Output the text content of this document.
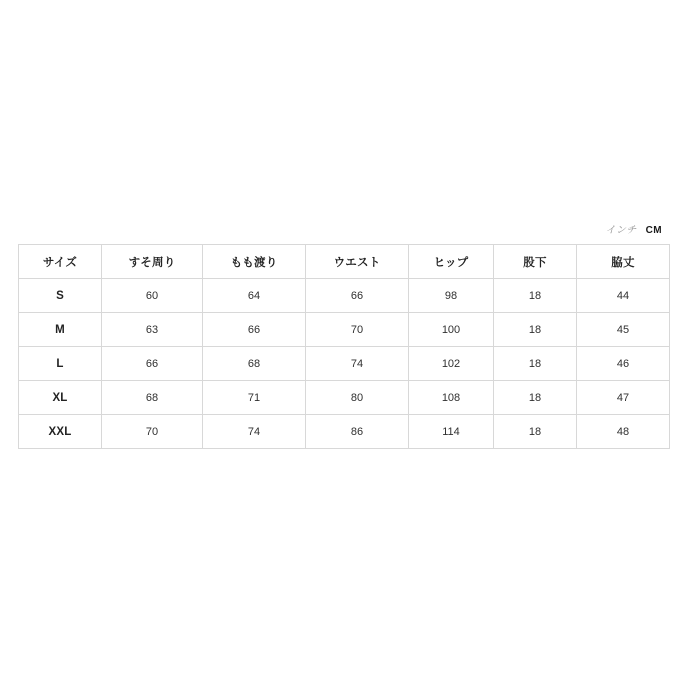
インチ CM
サイズ	すそ周り	もも渡り	ウエスト	ヒップ	股下	脇丈
S	60	64	66	98	18	44
M	63	66	70	100	18	45
L	66	68	74	102	18	46
XL	68	71	80	108	18	47
XXL	70	74	86	114	18	48
